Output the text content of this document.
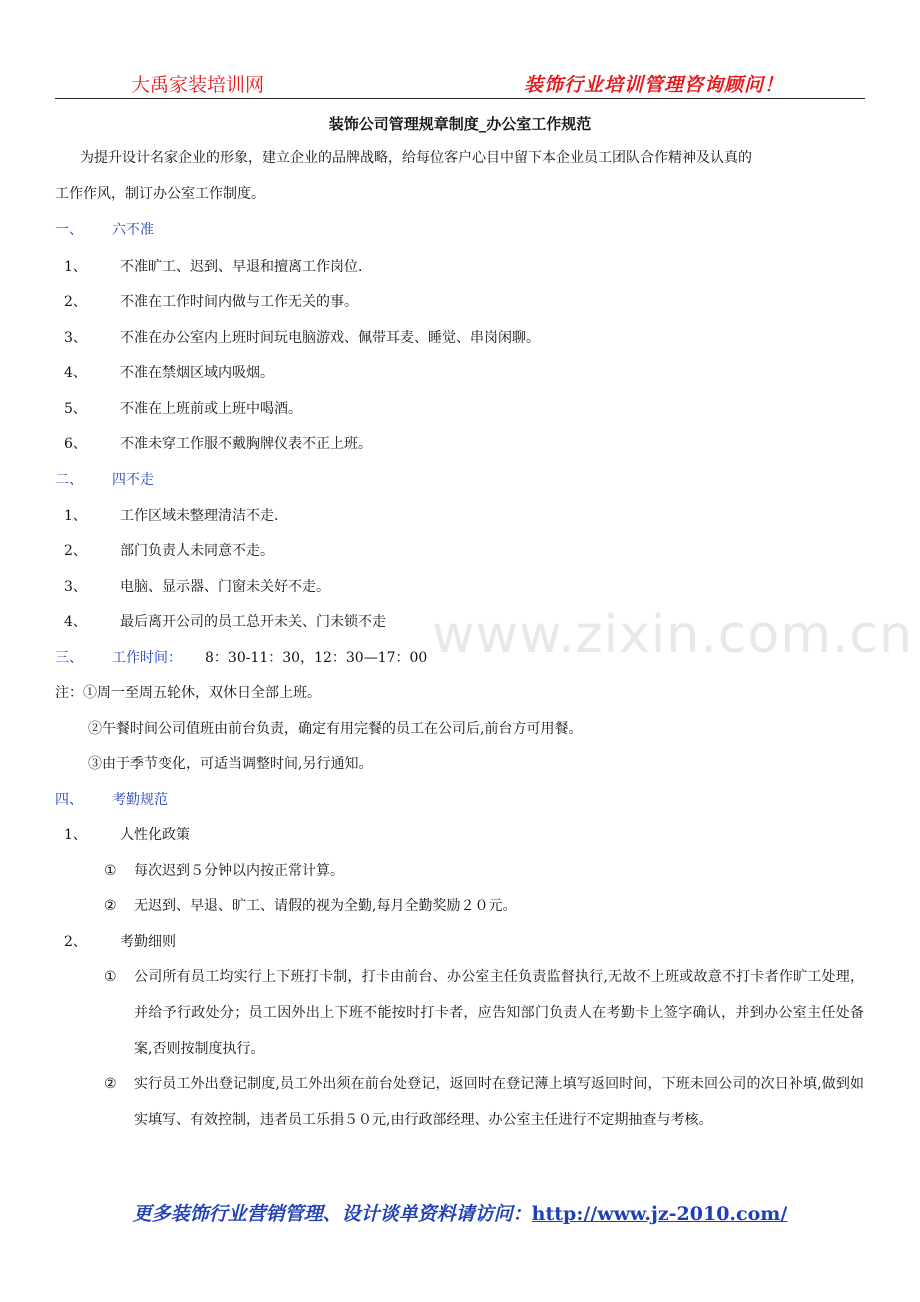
www.zixin.com.cn
大禹家装培训网	装饰行业培训管理咨询顾问！
装饰公司管理规章制度_办公室工作规范
为提升设计名家企业的形象，建立企业的品牌战略，给每位客户心目中留下本企业员工团队合作精神及认真的
工作作风，制订办公室工作制度。
一、 六不准
1、 不准旷工、迟到、早退和擅离工作岗位.
2、 不准在工作时间内做与工作无关的事。
3、 不准在办公室内上班时间玩电脑游戏、佩带耳麦、睡觉、串岗闲聊。
4、 不准在禁烟区域内吸烟。
5、 不准在上班前或上班中喝酒。
6、 不准未穿工作服不戴胸牌仪表不正上班。
二、 四不走
1、 工作区域未整理清洁不走.
2、 部门负责人未同意不走。
3、 电脑、显示器、门窗未关好不走。
4、 最后离开公司的员工总开未关、门未锁不走
三、 工作时间： 8：30-11：30，12：30—17：00
注：①周一至周五轮休，双休日全部上班。
②午餐时间公司值班由前台负责，确定有用完餐的员工在公司后,前台方可用餐。
③由于季节变化，可适当调整时间,另行通知。
四、 考勤规范
1、 人性化政策
① 每次迟到５分钟以内按正常计算。
② 无迟到、早退、旷工、请假的视为全勤,每月全勤奖励２０元。
2、 考勤细则
① 公司所有员工均实行上下班打卡制，打卡由前台、办公室主任负责监督执行,无故不上班或故意不打卡者作旷工处理，并给予行政处分；员工因外出上下班不能按时打卡者，应告知部门负责人在考勤卡上签字确认，并到办公室主任处备案,否则按制度执行。
② 实行员工外出登记制度,员工外出须在前台处登记，返回时在登记薄上填写返回时间，下班未回公司的次日补填,做到如实填写、有效控制，违者员工乐捐５０元,由行政部经理、办公室主任进行不定期抽查与考核。
更多装饰行业营销管理、设计谈单资料请访问：http://www.jz-2010.com/
